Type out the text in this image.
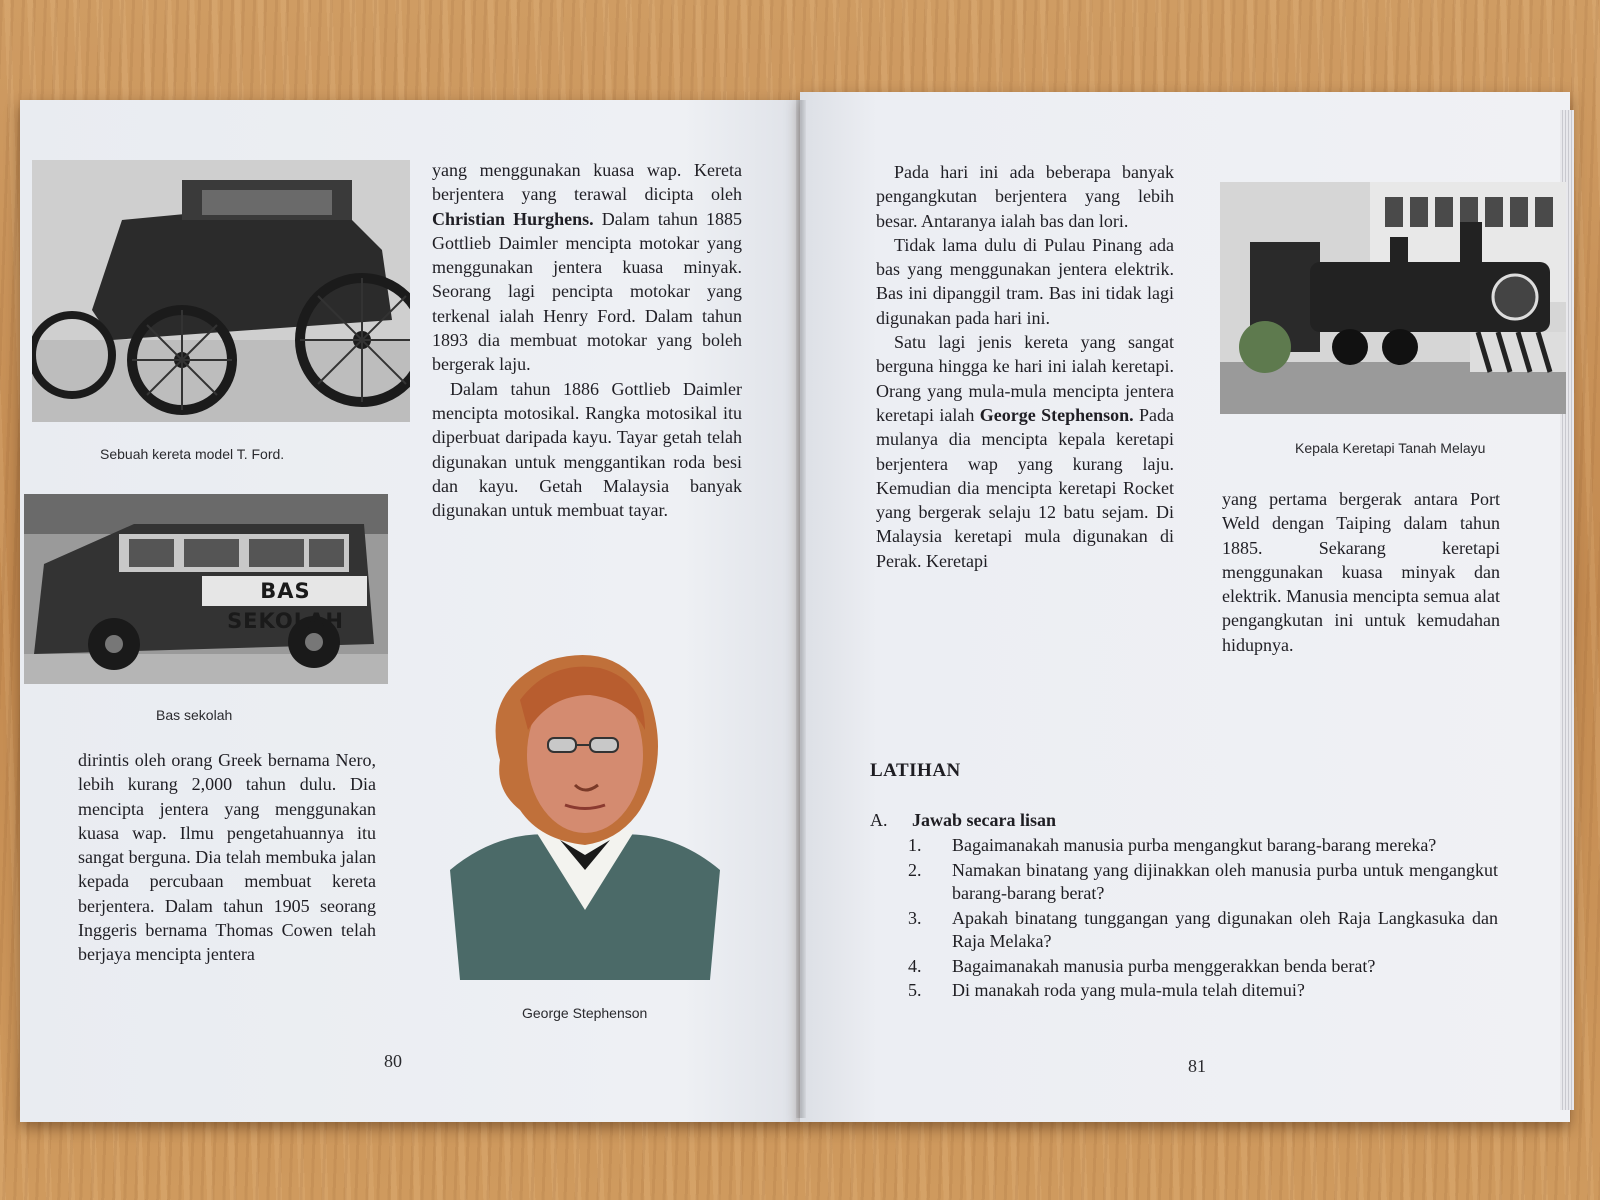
Sebuah kereta model T. Ford.
BAS SEKOLAH
Bas sekolah
George Stephenson

dirintis oleh orang Greek bernama Nero, lebih kurang 2,000 tahun dulu. Dia mencipta jentera yang menggunakan kuasa wap. Ilmu pengetahuannya itu sangat berguna. Dia telah membuka jalan kepada percubaan membuat kereta berjentera. Dalam tahun 1905 seorang Inggeris bernama Thomas Cowen telah berjaya mencipta jentera

yang menggunakan kuasa wap. Kereta berjentera yang terawal dicipta oleh Christian Hurghens. Dalam tahun 1885 Gottlieb Daimler mencipta motokar yang menggunakan jentera kuasa minyak. Seorang lagi pencipta motokar yang terkenal ialah Henry Ford. Dalam tahun 1893 dia membuat motokar yang boleh bergerak laju.

Dalam tahun 1886 Gottlieb Daimler mencipta motosikal. Rangka motosikal itu diperbuat daripada kayu. Tayar getah telah digunakan untuk menggantikan roda besi dan kayu. Getah Malaysia banyak digunakan untuk membuat tayar.

80
Kepala Keretapi Tanah Melayu

Pada hari ini ada beberapa banyak pengangkutan berjentera yang lebih besar. Antaranya ialah bas dan lori.

Tidak lama dulu di Pulau Pinang ada bas yang menggunakan jentera elektrik. Bas ini dipanggil tram. Bas ini tidak lagi digunakan pada hari ini.

Satu lagi jenis kereta yang sangat berguna hingga ke hari ini ialah keretapi. Orang yang mula-mula mencipta jentera keretapi ialah George Stephenson. Pada mulanya dia mencipta kepala keretapi berjentera wap yang kurang laju. Kemudian dia mencipta keretapi Rocket yang bergerak selaju 12 batu sejam. Di Malaysia keretapi mula digunakan di Perak. Keretapi

yang pertama bergerak antara Port Weld dengan Taiping dalam tahun 1885. Sekarang keretapi menggunakan kuasa minyak dan elektrik. Manusia mencipta semua alat pengangkutan ini untuk kemudahan hidupnya.

LATIHAN
A. Jawab secara lisan
1.	Bagaimanakah manusia purba mengangkut barang-barang mereka?
2.	Namakan binatang yang dijinakkan oleh manusia purba untuk mengangkut barang-barang berat?
3.	Apakah binatang tunggangan yang digunakan oleh Raja Langkasuka dan Raja Melaka?
4.	Bagaimanakah manusia purba menggerakkan benda berat?
5.	Di manakah roda yang mula-mula telah ditemui?
81
